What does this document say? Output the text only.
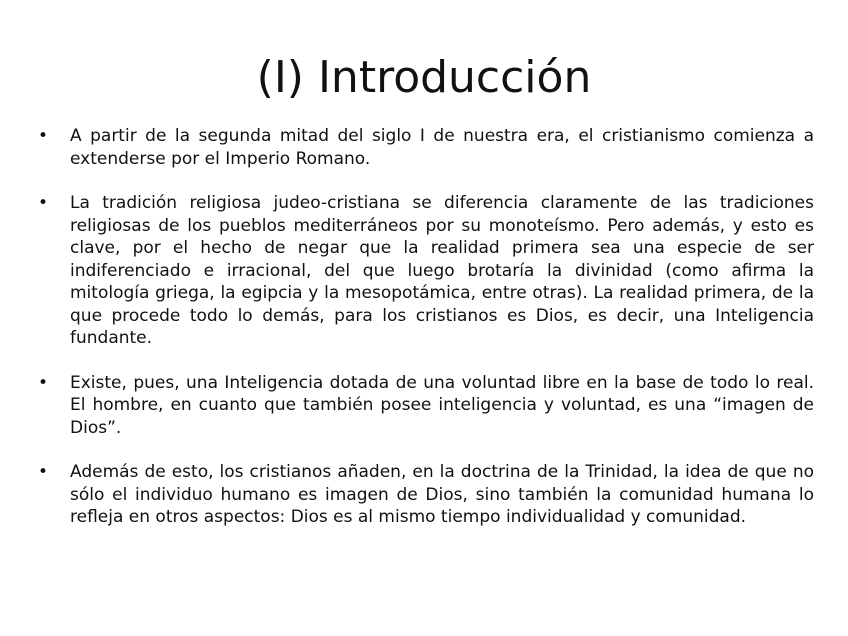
(I) Introducción
• A partir de la segunda mitad del siglo I de nuestra era, el cristianismo comienza a extenderse por el Imperio Romano.
• La tradición religiosa judeo-cristiana se diferencia claramente de las tradiciones religiosas de los pueblos mediterráneos por su monoteísmo. Pero además, y esto es clave, por el hecho de negar que la realidad primera sea una especie de ser indiferenciado e irracional, del que luego brotaría la divinidad (como afirma la mitología griega, la egipcia y la mesopotámica, entre otras). La realidad primera, de la que procede todo lo demás, para los cristianos es Dios, es decir, una Inteligencia fundante.
• Existe, pues, una Inteligencia dotada de una voluntad libre en la base de todo lo real. El hombre, en cuanto que también posee inteligencia y voluntad, es una “imagen de Dios”.
• Además de esto, los cristianos añaden, en la doctrina de la Trinidad, la idea de que no sólo el individuo humano es imagen de Dios, sino también la comunidad humana lo refleja en otros aspectos: Dios es al mismo tiempo individualidad y comunidad.
